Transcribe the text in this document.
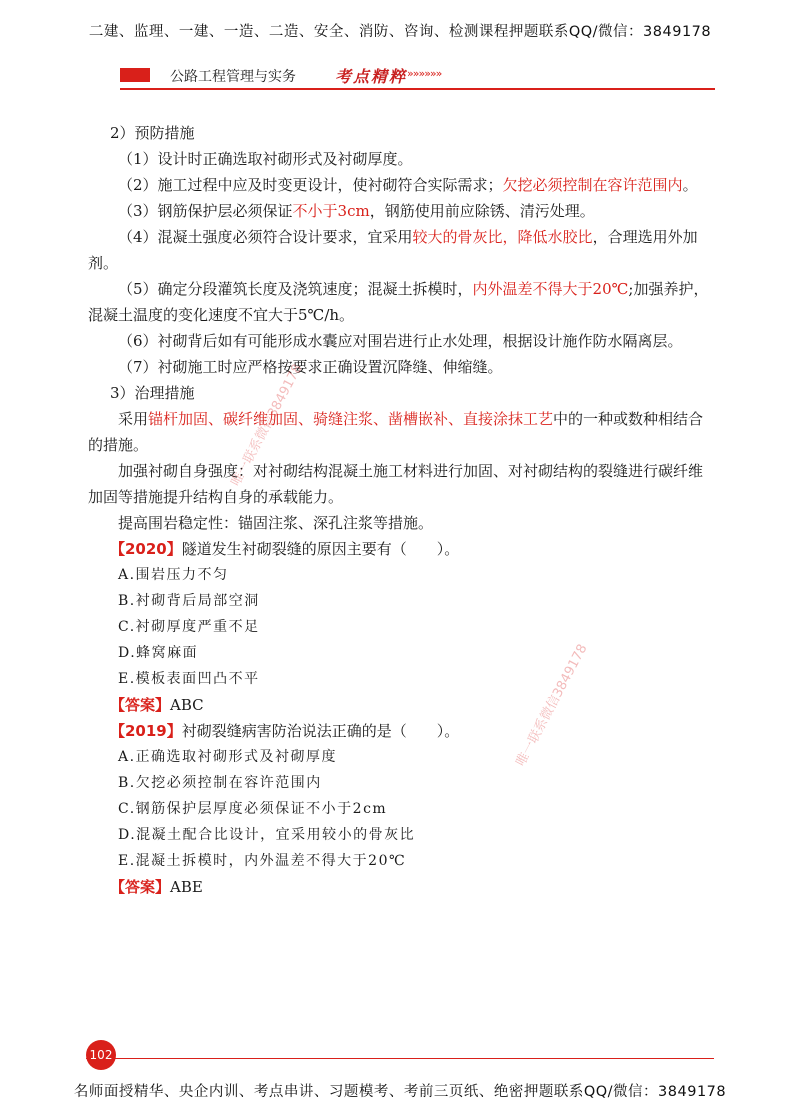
二建、监理、一建、一造、二造、安全、消防、咨询、检测课程押题联系QQ/微信：3849178
公路工程管理与实务 考点精粹 »»»»»»

2）预防措施

（1）设计时正确选取衬砌形式及衬砌厚度。

（2）施工过程中应及时变更设计，使衬砌符合实际需求；欠挖必须控制在容许范围内。

（3）钢筋保护层必须保证不小于3cm，钢筋使用前应除锈、清污处理。

（4）混凝土强度必须符合设计要求，宜采用较大的骨灰比，降低水胶比，合理选用外加剂。

（5）确定分段灌筑长度及浇筑速度；混凝土拆模时，内外温差不得大于20℃;加强养护，混凝土温度的变化速度不宜大于5℃/h。

（6）衬砌背后如有可能形成水囊应对围岩进行止水处理，根据设计施作防水隔离层。

（7）衬砌施工时应严格按要求正确设置沉降缝、伸缩缝。

3）治理措施

采用锚杆加固、碳纤维加固、骑缝注浆、凿槽嵌补、直接涂抹工艺中的一种或数种相结合的措施。

加强衬砌自身强度：对衬砌结构混凝土施工材料进行加固、对衬砌结构的裂缝进行碳纤维加固等措施提升结构自身的承载能力。

提高围岩稳定性：锚固注浆、深孔注浆等措施。

【2020】隧道发生衬砌裂缝的原因主要有（　　）。

A.围岩压力不匀

B.衬砌背后局部空洞

C.衬砌厚度严重不足

D.蜂窝麻面

E.模板表面凹凸不平

【答案】ABC

【2019】衬砌裂缝病害防治说法正确的是（　　）。

A.正确选取衬砌形式及衬砌厚度

B.欠挖必须控制在容许范围内

C.钢筋保护层厚度必须保证不小于2cm

D.混凝土配合比设计，宜采用较小的骨灰比

E.混凝土拆模时，内外温差不得大于20℃

【答案】ABE

唯一联系微信3849178
唯一联系微信3849178
102
名师面授精华、央企内训、考点串讲、习题模考、考前三页纸、绝密押题联系QQ/微信：3849178
